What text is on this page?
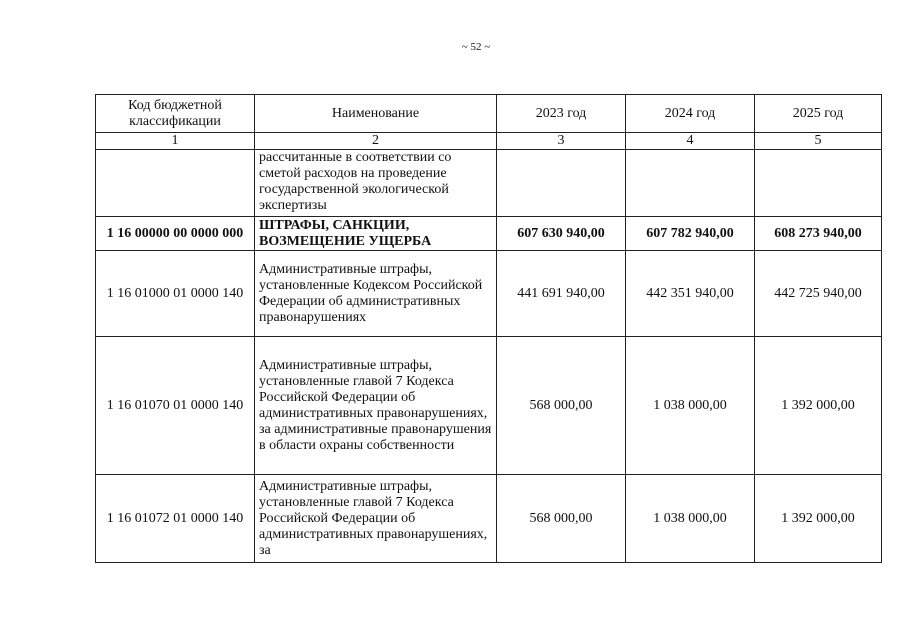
~ 52 ~
Код бюджетной классификации	Наименование	2023 год	2024 год	2025 год
1	2	3	4	5
	рассчитанные в соответствии со сметой расходов на проведение государственной экологической экспертизы			
1 16 00000 00 0000 000	ШТРАФЫ, САНКЦИИ, ВОЗМЕЩЕНИЕ УЩЕРБА	607 630 940,00	607 782 940,00	608 273 940,00
1 16 01000 01 0000 140	Административные штрафы, установленные Кодексом Российской Федерации об административных правонарушениях	441 691 940,00	442 351 940,00	442 725 940,00
1 16 01070 01 0000 140	Административные штрафы, установленные главой 7 Кодекса Российской Федерации об административных правонарушениях, за административные правонарушения в области охраны собственности	568 000,00	1 038 000,00	1 392 000,00
1 16 01072 01 0000 140	Административные штрафы, установленные главой 7 Кодекса Российской Федерации об административных правонарушениях, за	568 000,00	1 038 000,00	1 392 000,00
